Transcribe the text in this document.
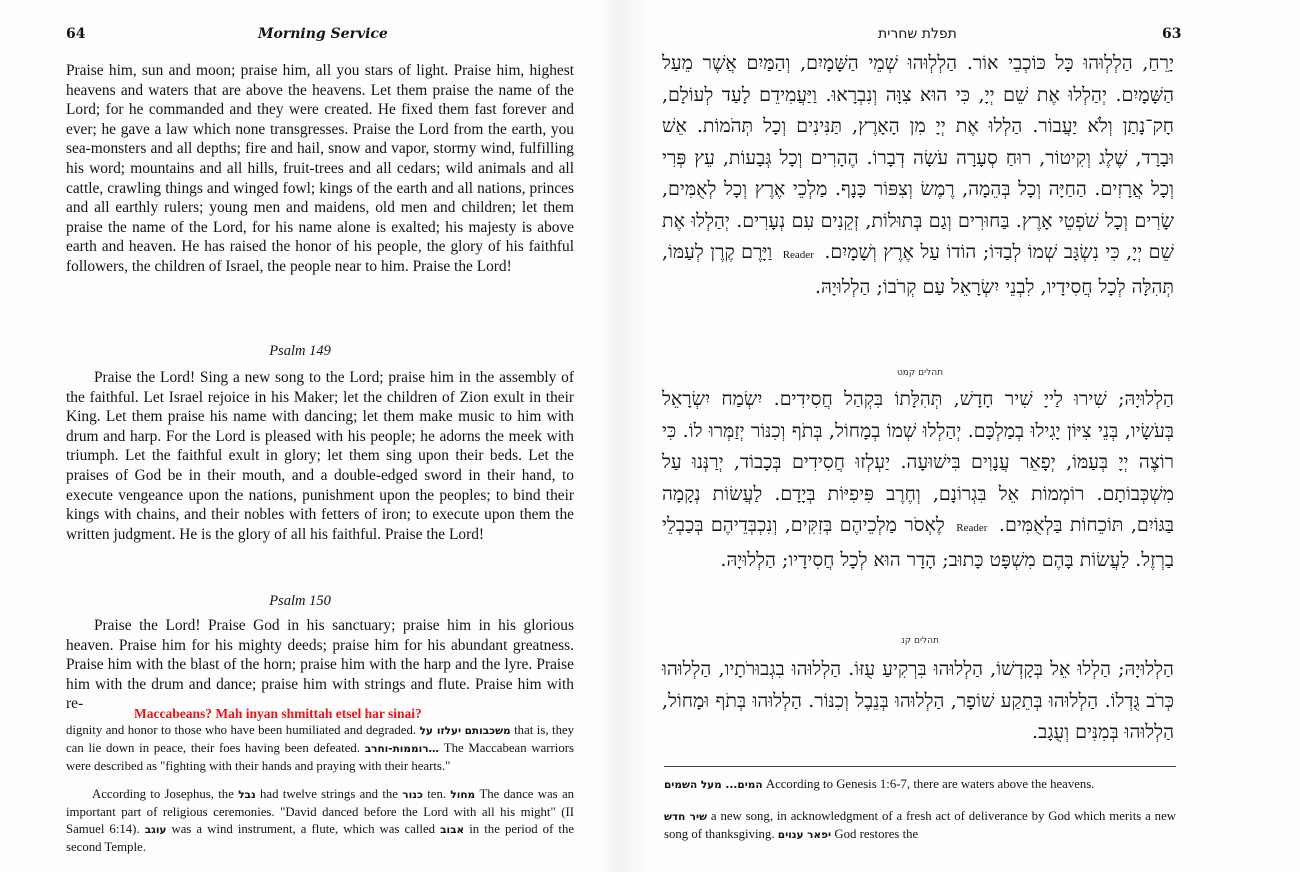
64	Morning Service

Praise him, sun and moon; praise him, all you stars of light. Praise him, highest heavens and waters that are above the heavens. Let them praise the name of the Lord; for he commanded and they were created. He fixed them fast forever and ever; he gave a law which none transgresses. Praise the Lord from the earth, you sea-monsters and all depths; fire and hail, snow and vapor, stormy wind, fulfilling his word; mountains and all hills, fruit-trees and all cedars; wild animals and all cattle, crawling things and winged fowl; kings of the earth and all nations, princes and all earthly rulers; young men and maidens, old men and children; let them praise the name of the Lord, for his name alone is exalted; his majesty is above earth and heaven. He has raised the honor of his people, the glory of his faithful followers, the children of Israel, the people near to him. Praise the Lord!

Psalm 149

Praise the Lord! Sing a new song to the Lord; praise him in the assembly of the faithful. Let Israel rejoice in his Maker; let the children of Zion exult in their King. Let them praise his name with dancing; let them make music to him with drum and harp. For the Lord is pleased with his people; he adorns the meek with triumph. Let the faithful exult in glory; let them sing upon their beds. Let the praises of God be in their mouth, and a double-edged sword in their hand, to execute vengeance upon the nations, punishment upon the peoples; to bind their kings with chains, and their nobles with fetters of iron; to execute upon them the written judgment. He is the glory of all his faithful. Praise the Lord!

Psalm 150

Praise the Lord! Praise God in his sanctuary; praise him in his glorious heaven. Praise him for his mighty deeds; praise him for his abundant greatness. Praise him with the blast of the horn; praise him with the harp and the lyre. Praise him with the drum and dance; praise him with strings and flute. Praise him with re-

Maccabeans? Mah inyan shmittah etsel har sinai?

dignity and honor to those who have been humiliated and degraded. יעלזו על משכבותם that is, they can lie down in peace, their foes having been defeated. …רוממות-וחרב The Maccabean warriors were described as "fighting with their hands and praying with their hearts."

According to Josephus, the נבל had twelve strings and the כנור ten. מחול The dance was an important part of religious ceremonies. "David danced before the Lord with all his might" (II Samuel 6:14). עוגב was a wind instrument, a flute, which was called אבוב in the period of the second Temple.

תפלת שחרית	63

יָרֵחַ, הַלְלְוּהוּ כָּל כּוֹכְבֵי אוֹר. הַלְלְוּהוּ שְׁמֵי הַשָּׁמָיִם, וְהַמַּיִם אֲשֶׁר מֵעַל הַשָּׁמָיִם. יְהַלְלוּ אֶת שֵׁם יְיָ, כִּי הוּא צִוָּה וְנִבְרָאוּ. וַיַּעֲמִידֵם לָעַד לְעוֹלָם, חָק־נָתַן וְלֹא יַעֲבוֹר. הַלְלוּ אֶת יְיָ מִן הָאָרֶץ, תַּנִּינִים וְכָל תְּהֹמוֹת. אֵשׁ וּבָרָד, שֶׁלֶג וְקִיטוֹר, רוּחַ סְעָרָה עֹשָׂה דְבָרוֹ. הֶהָרִים וְכָל גְּבָעוֹת, עֵץ פְּרִי וְכָל אֲרָזִים. הַחַיָּה וְכָל בְּהֵמָה, רֶמֶשׂ וְצִפּוֹר כָּנָף. מַלְכֵי אֶרֶץ וְכָל לְאֻמִּים, שָׂרִים וְכָל שֹׁפְטֵי אָרֶץ. בַּחוּרִים וְגַם בְּתוּלוֹת, זְקֵנִים עִם נְעָרִים. יְהַלְלוּ אֶת שֵׁם יְיָ, כִּי נִשְׂגָּב שְׁמוֹ לְבַדּוֹ; הוֹדוֹ עַל אֶרֶץ וְשָׁמָיִם. Reader וַיָּרֶם קֶרֶן לְעַמּוֹ, תְּהִלָּה לְכָל חֲסִידָיו, לִבְנֵי יִשְׂרָאֵל עַם קְרֹבוֹ; הַלְלוּיָהּ.

תהלים קמט

הַלְלוּיָהּ; שִׁירוּ לַייָ שִׁיר חָדָשׁ, תְּהִלָּתוֹ בִּקְהַל חֲסִידִים. יִשְׂמַח יִשְׂרָאֵל בְּעֹשָׂיו, בְּנֵי צִיּוֹן יָגִילוּ בְמַלְכָּם. יְהַלְלוּ שְׁמוֹ בְמָחוֹל, בְּתֹף וְכִנּוֹר יְזַמְּרוּ לוֹ. כִּי רוֹצֶה יְיָ בְּעַמּוֹ, יְפָאֵר עֲנָוִים בִּישׁוּעָה. יַעְלְזוּ חֲסִידִים בְּכָבוֹד, יְרַנְּנוּ עַל מִשְׁכְּבוֹתָם. רוֹמְמוֹת אֵל בִּגְרוֹנָם, וְחֶרֶב פִּיפִיּוֹת בְּיָדָם. לַעֲשׂוֹת נְקָמָה בַּגּוֹיִם, תּוֹכֵחוֹת בַּלְאֻמִּים. Reader לֶאְסֹר מַלְכֵיהֶם בְּזִקִּים, וְנִכְבְּדֵיהֶם בְּכַבְלֵי בַרְזֶל. לַעֲשׂוֹת בָּהֶם מִשְׁפָּט כָּתוּב; הָדָר הוּא לְכָל חֲסִידָיו; הַלְלוּיָהּ.

תהלים קנ

הַלְלוּיָהּ; הַלְלוּ אֵל בְּקָדְשׁוֹ, הַלְלוּהוּ בִּרְקִיעַ עֻזּוֹ. הַלְלוּהוּ בִגְבוּרֹתָיו, הַלְלוּהוּ כְּרֹב גֻּדְלוֹ. הַלְלוּהוּ בְּתֵקַע שׁוֹפָר, הַלְלוּהוּ בְּנֵבֶל וְכִנּוֹר. הַלְלוּהוּ בְּתֹף וּמָחוֹל, הַלְלוּהוּ בְּמִנִּים וְעֻגָב.

המים... מעל השמים According to Genesis 1:6-7, there are waters above the heavens.

שיר חדש a new song, in acknowledgment of a fresh act of deliverance by God which merits a new song of thanksgiving. יפאר ענוים God restores the
